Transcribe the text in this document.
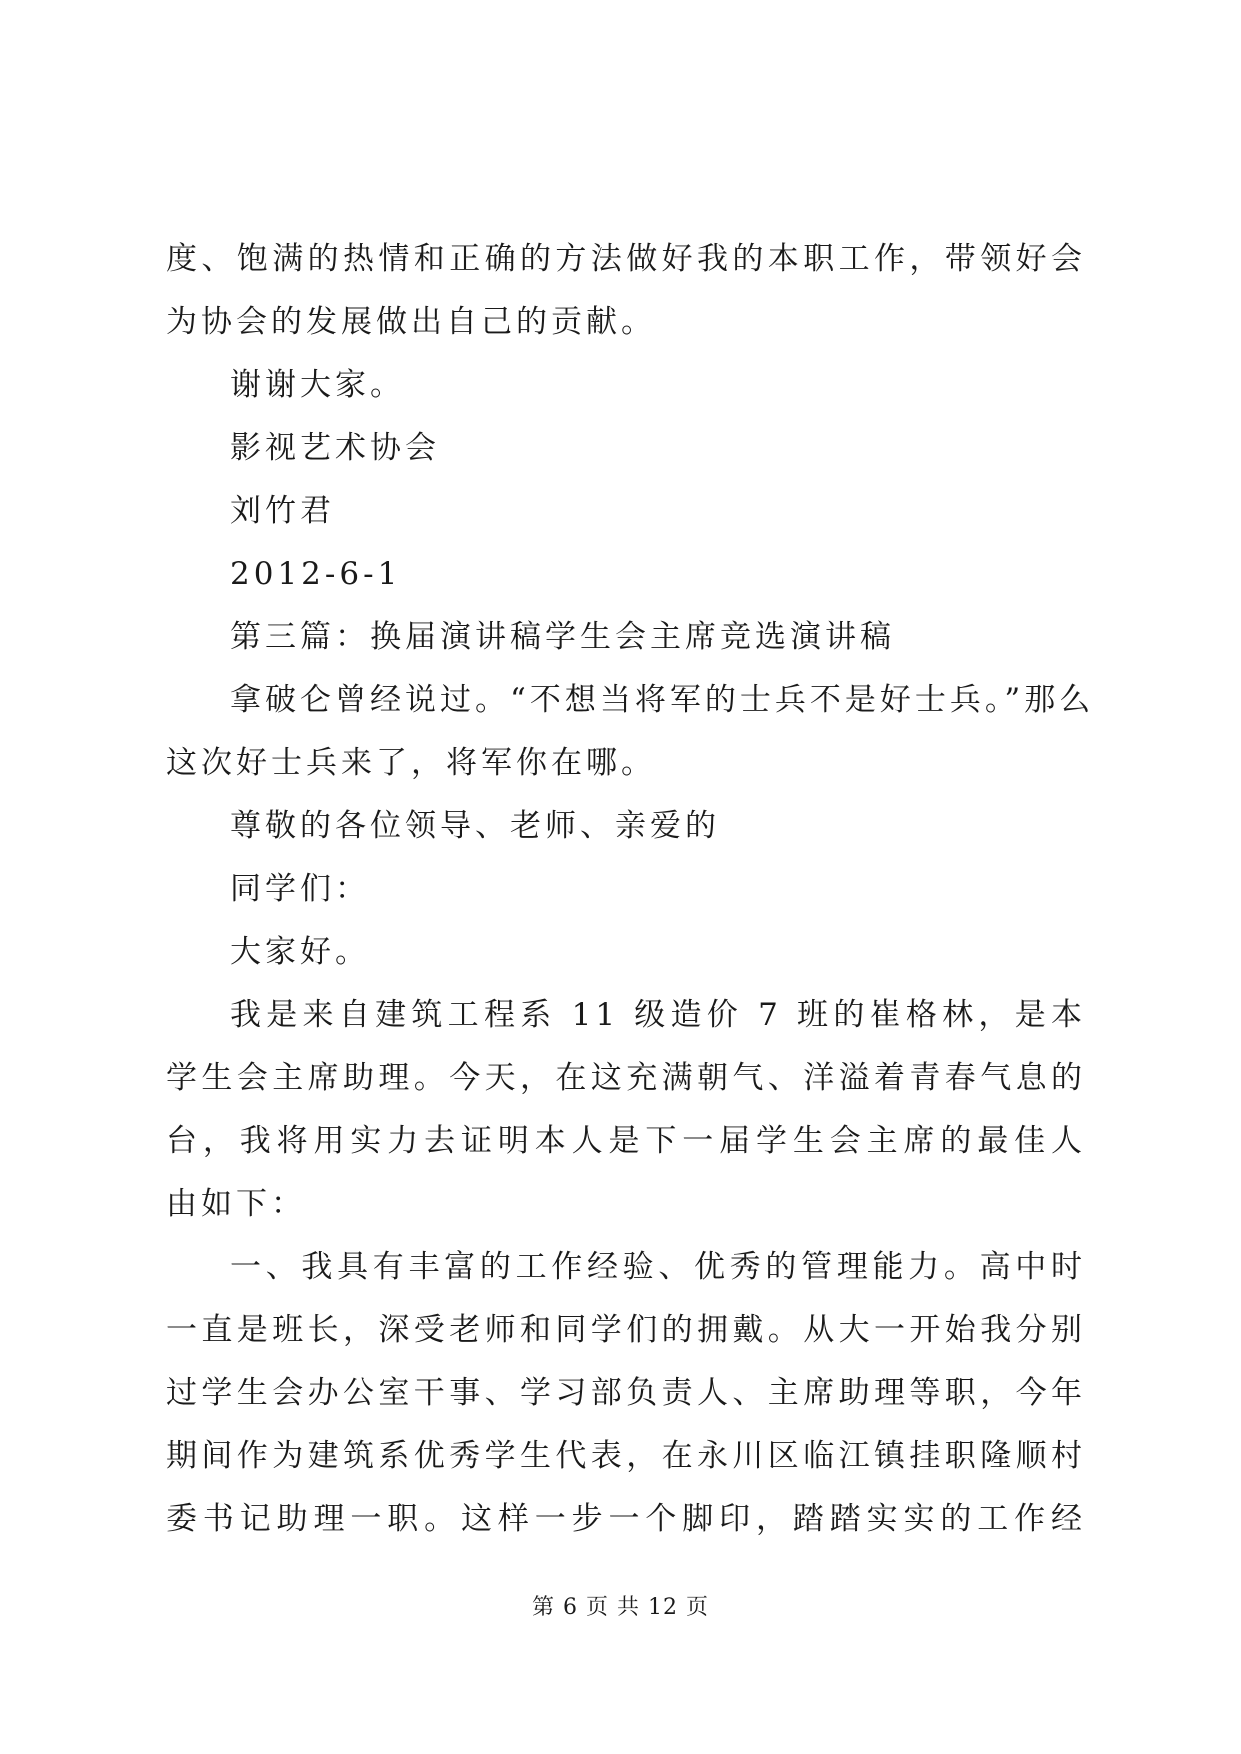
度、饱满的热情和正确的方法做好我的本职工作，带领好会
为协会的发展做出自己的贡献。
谢谢大家。
影视艺术协会
刘竹君
2012-6-1
第三篇：换届演讲稿学生会主席竞选演讲稿
拿破仑曾经说过。“不想当将军的士兵不是好士兵。”那么
这次好士兵来了，将军你在哪。
尊敬的各位领导、老师、亲爱的
同学们：
大家好。
我是来自建筑工程系 11 级造价 7 班的崔格林，是本
学生会主席助理。今天，在这充满朝气、洋溢着青春气息的
台，我将用实力去证明本人是下一届学生会主席的最佳人
由如下：
一、我具有丰富的工作经验、优秀的管理能力。高中时
一直是班长，深受老师和同学们的拥戴。从大一开始我分别
过学生会办公室干事、学习部负责人、主席助理等职，今年
期间作为建筑系优秀学生代表，在永川区临江镇挂职隆顺村
委书记助理一职。这样一步一个脚印，踏踏实实的工作经
第 6 页 共 12 页
